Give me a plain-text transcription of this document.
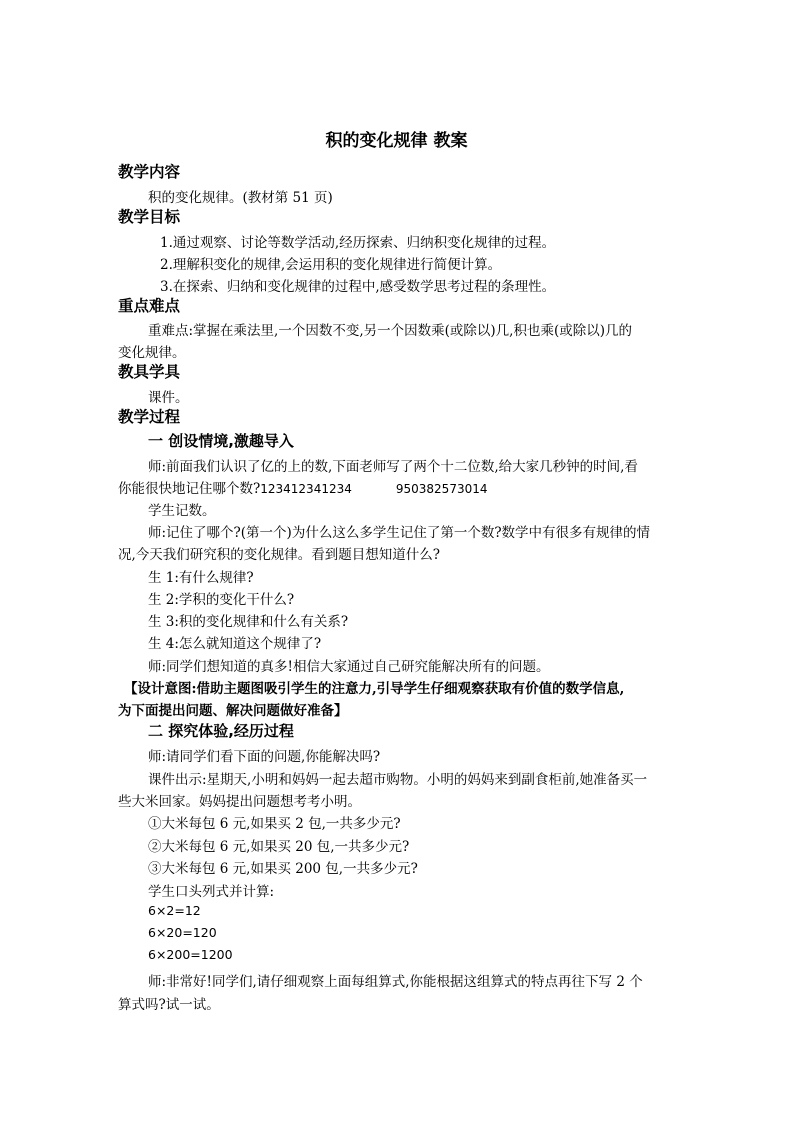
积的变化规律 教案
教学内容
积的变化规律。(教材第 51 页)
教学目标
1.通过观察、讨论等数学活动,经历探索、归纳积变化规律的过程。
2.理解积变化的规律,会运用积的变化规律进行简便计算。
3.在探索、归纳和变化规律的过程中,感受数学思考过程的条理性。
重点难点
重难点:掌握在乘法里,一个因数不变,另一个因数乘(或除以)几,积也乘(或除以)几的
变化规律。
教具学具
课件。
教学过程
一 创设情境,激趣导入
师:前面我们认识了亿的上的数,下面老师写了两个十二位数,给大家几秒钟的时间,看
你能很快地记住哪个数?123412341234	950382573014
学生记数。
师:记住了哪个?(第一个)为什么这么多学生记住了第一个数?数学中有很多有规律的情
况,今天我们研究积的变化规律。看到题目想知道什么?
生 1:有什么规律?
生 2:学积的变化干什么?
生 3:积的变化规律和什么有关系?
生 4:怎么就知道这个规律了?
师:同学们想知道的真多!相信大家通过自己研究能解决所有的问题。
【设计意图:借助主题图吸引学生的注意力,引导学生仔细观察获取有价值的数学信息,
为下面提出问题、解决问题做好准备】
二 探究体验,经历过程
师:请同学们看下面的问题,你能解决吗?
课件出示:星期天,小明和妈妈一起去超市购物。小明的妈妈来到副食柜前,她准备买一
些大米回家。妈妈提出问题想考考小明。
①大米每包 6 元,如果买 2 包,一共多少元?
②大米每包 6 元,如果买 20 包,一共多少元?
③大米每包 6 元,如果买 200 包,一共多少元?
学生口头列式并计算:
6×2=12
6×20=120
6×200=1200
师:非常好!同学们,请仔细观察上面每组算式,你能根据这组算式的特点再往下写 2 个
算式吗?试一试。
